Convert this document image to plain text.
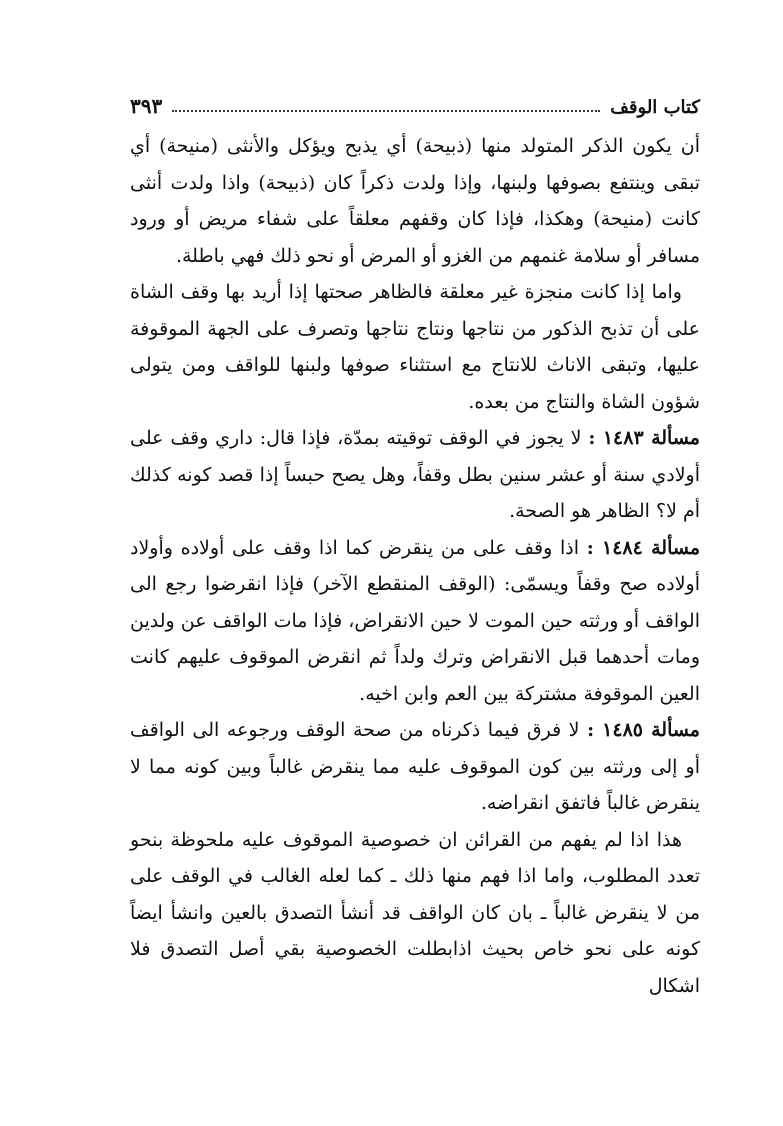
كتاب الوقف
٣٩٣

أن يكون الذكر المتولد منها (ذبيحة) أي يذبح ويؤكل والأنثى (منيحة) أي تبقى وينتفع بصوفها ولبنها، وإذا ولدت ذكراً كان (ذبيحة) واذا ولدت أنثى كانت (منيحة) وهكذا، فإذا كان وقفهم معلقاً على شفاء مريض أو ورود مسافر أو سلامة غنمهم من الغزو أو المرض أو نحو ذلك فهي باطلة.

واما إذا كانت منجزة غير معلقة فالظاهر صحتها إذا أريد بها وقف الشاة على أن تذبح الذكور من نتاجها ونتاج نتاجها وتصرف على الجهة الموقوفة عليها، وتبقى الاناث للانتاج مع استثناء صوفها ولبنها للواقف ومن يتولى شؤون الشاة والنتاج من بعده.

مسألة ١٤٨٣ : لا يجوز في الوقف توقيته بمدّة، فإذا قال: داري وقف على أولادي سنة أو عشر سنين بطل وقفاً، وهل يصح حبساً إذا قصد كونه كذلك أم لا؟ الظاهر هو الصحة.

مسألة ١٤٨٤ : اذا وقف على من ينقرض كما اذا وقف على أولاده وأولاد أولاده صح وقفاً ويسمّى: (الوقف المنقطع الآخر) فإذا انقرضوا رجع الى الواقف أو ورثته حين الموت لا حين الانقراض، فإذا مات الواقف عن ولدين ومات أحدهما قبل الانقراض وترك ولداً ثم انقرض الموقوف عليهم كانت العين الموقوفة مشتركة بين العم وابن اخيه.

مسألة ١٤٨٥ : لا فرق فيما ذكرناه من صحة الوقف ورجوعه الى الواقف أو إلى ورثته بين كون الموقوف عليه مما ينقرض غالباً وبين كونه مما لا ينقرض غالباً فاتفق انقراضه.

هذا اذا لم يفهم من القرائن ان خصوصية الموقوف عليه ملحوظة بنحو تعدد المطلوب، واما اذا فهم منها ذلك ـ كما لعله الغالب في الوقف على من لا ينقرض غالباً ـ بان كان الواقف قد أنشأ التصدق بالعين وانشأ ايضاً كونه على نحو خاص بحيث اذابطلت الخصوصية بقي أصل التصدق فلا اشكال
